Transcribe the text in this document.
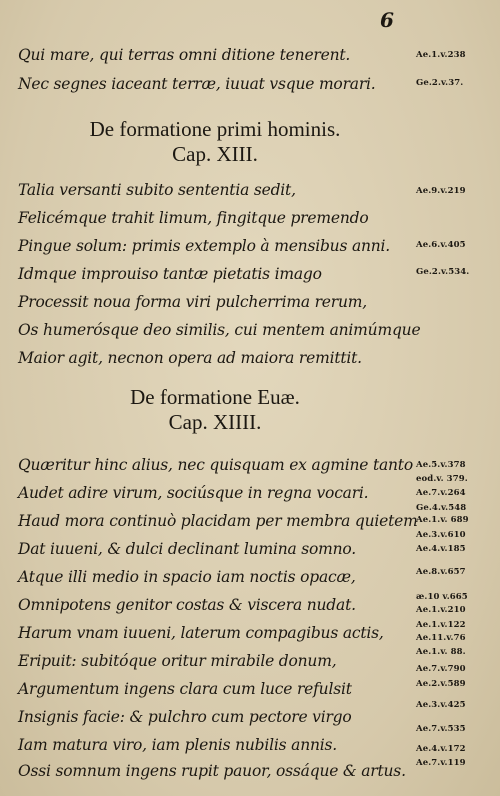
6
Qui mare, qui terras omni ditione tenerent.
Nec segnes iaceant terræ, iuuat vsque morari.
Talia versanti subito sententia sedit,
Felicémque trahit limum, fingitque premendo
Pingue solum: primis extemplo à mensibus anni.
Idmque improuiso tantæ pietatis imago
Processit noua forma viri pulcherrima rerum,
Os humerósque deo similis, cui mentem animúmque
Maior agit, necnon opera ad maiora remittit.
Quæritur hinc alius, nec quisquam ex agmine tanto
Audet adire virum, sociúsque in regna vocari.
Haud mora continuò placidam per membra quietem
Dat iuueni, & dulci declinant lumina somno.
Atque illi medio in spacio iam noctis opacæ,
Omnipotens genitor costas & viscera nudat.
Harum vnam iuueni, laterum compagibus actis,
Eripuit: subitóque oritur mirabile donum,
Argumentum ingens clara cum luce refulsit
Insignis facie: & pulchro cum pectore virgo
Iam matura viro, iam plenis nubilis annis.
Ossi somnum ingens rupit pauor, ossáque & artus.
De formatione primi hominis.
Cap. XIII.
De formatione Euæ.
Cap. XIIII.
Ae.1.v.238
Ge.2.v.37.
Ae.9.v.219
Ae.6.v.405
Ge.2.v.534.
Ae.5.v.378
eod.v. 379.
Ae.7.v.264
Ge.4.v.548
Ae.1.v. 689
Ae.3.v.610
Ae.4.v.185
Ae.8.v.657
æ.10 v.665
Ae.1.v.210
Ae.1.v.122
Ae.11.v.76
Ae.1.v. 88.
Ae.7.v.790
Ae.2.v.589
Ae.3.v.425
Ae.7.v.535
Ae.4.v.172
Ae.7.v.119
